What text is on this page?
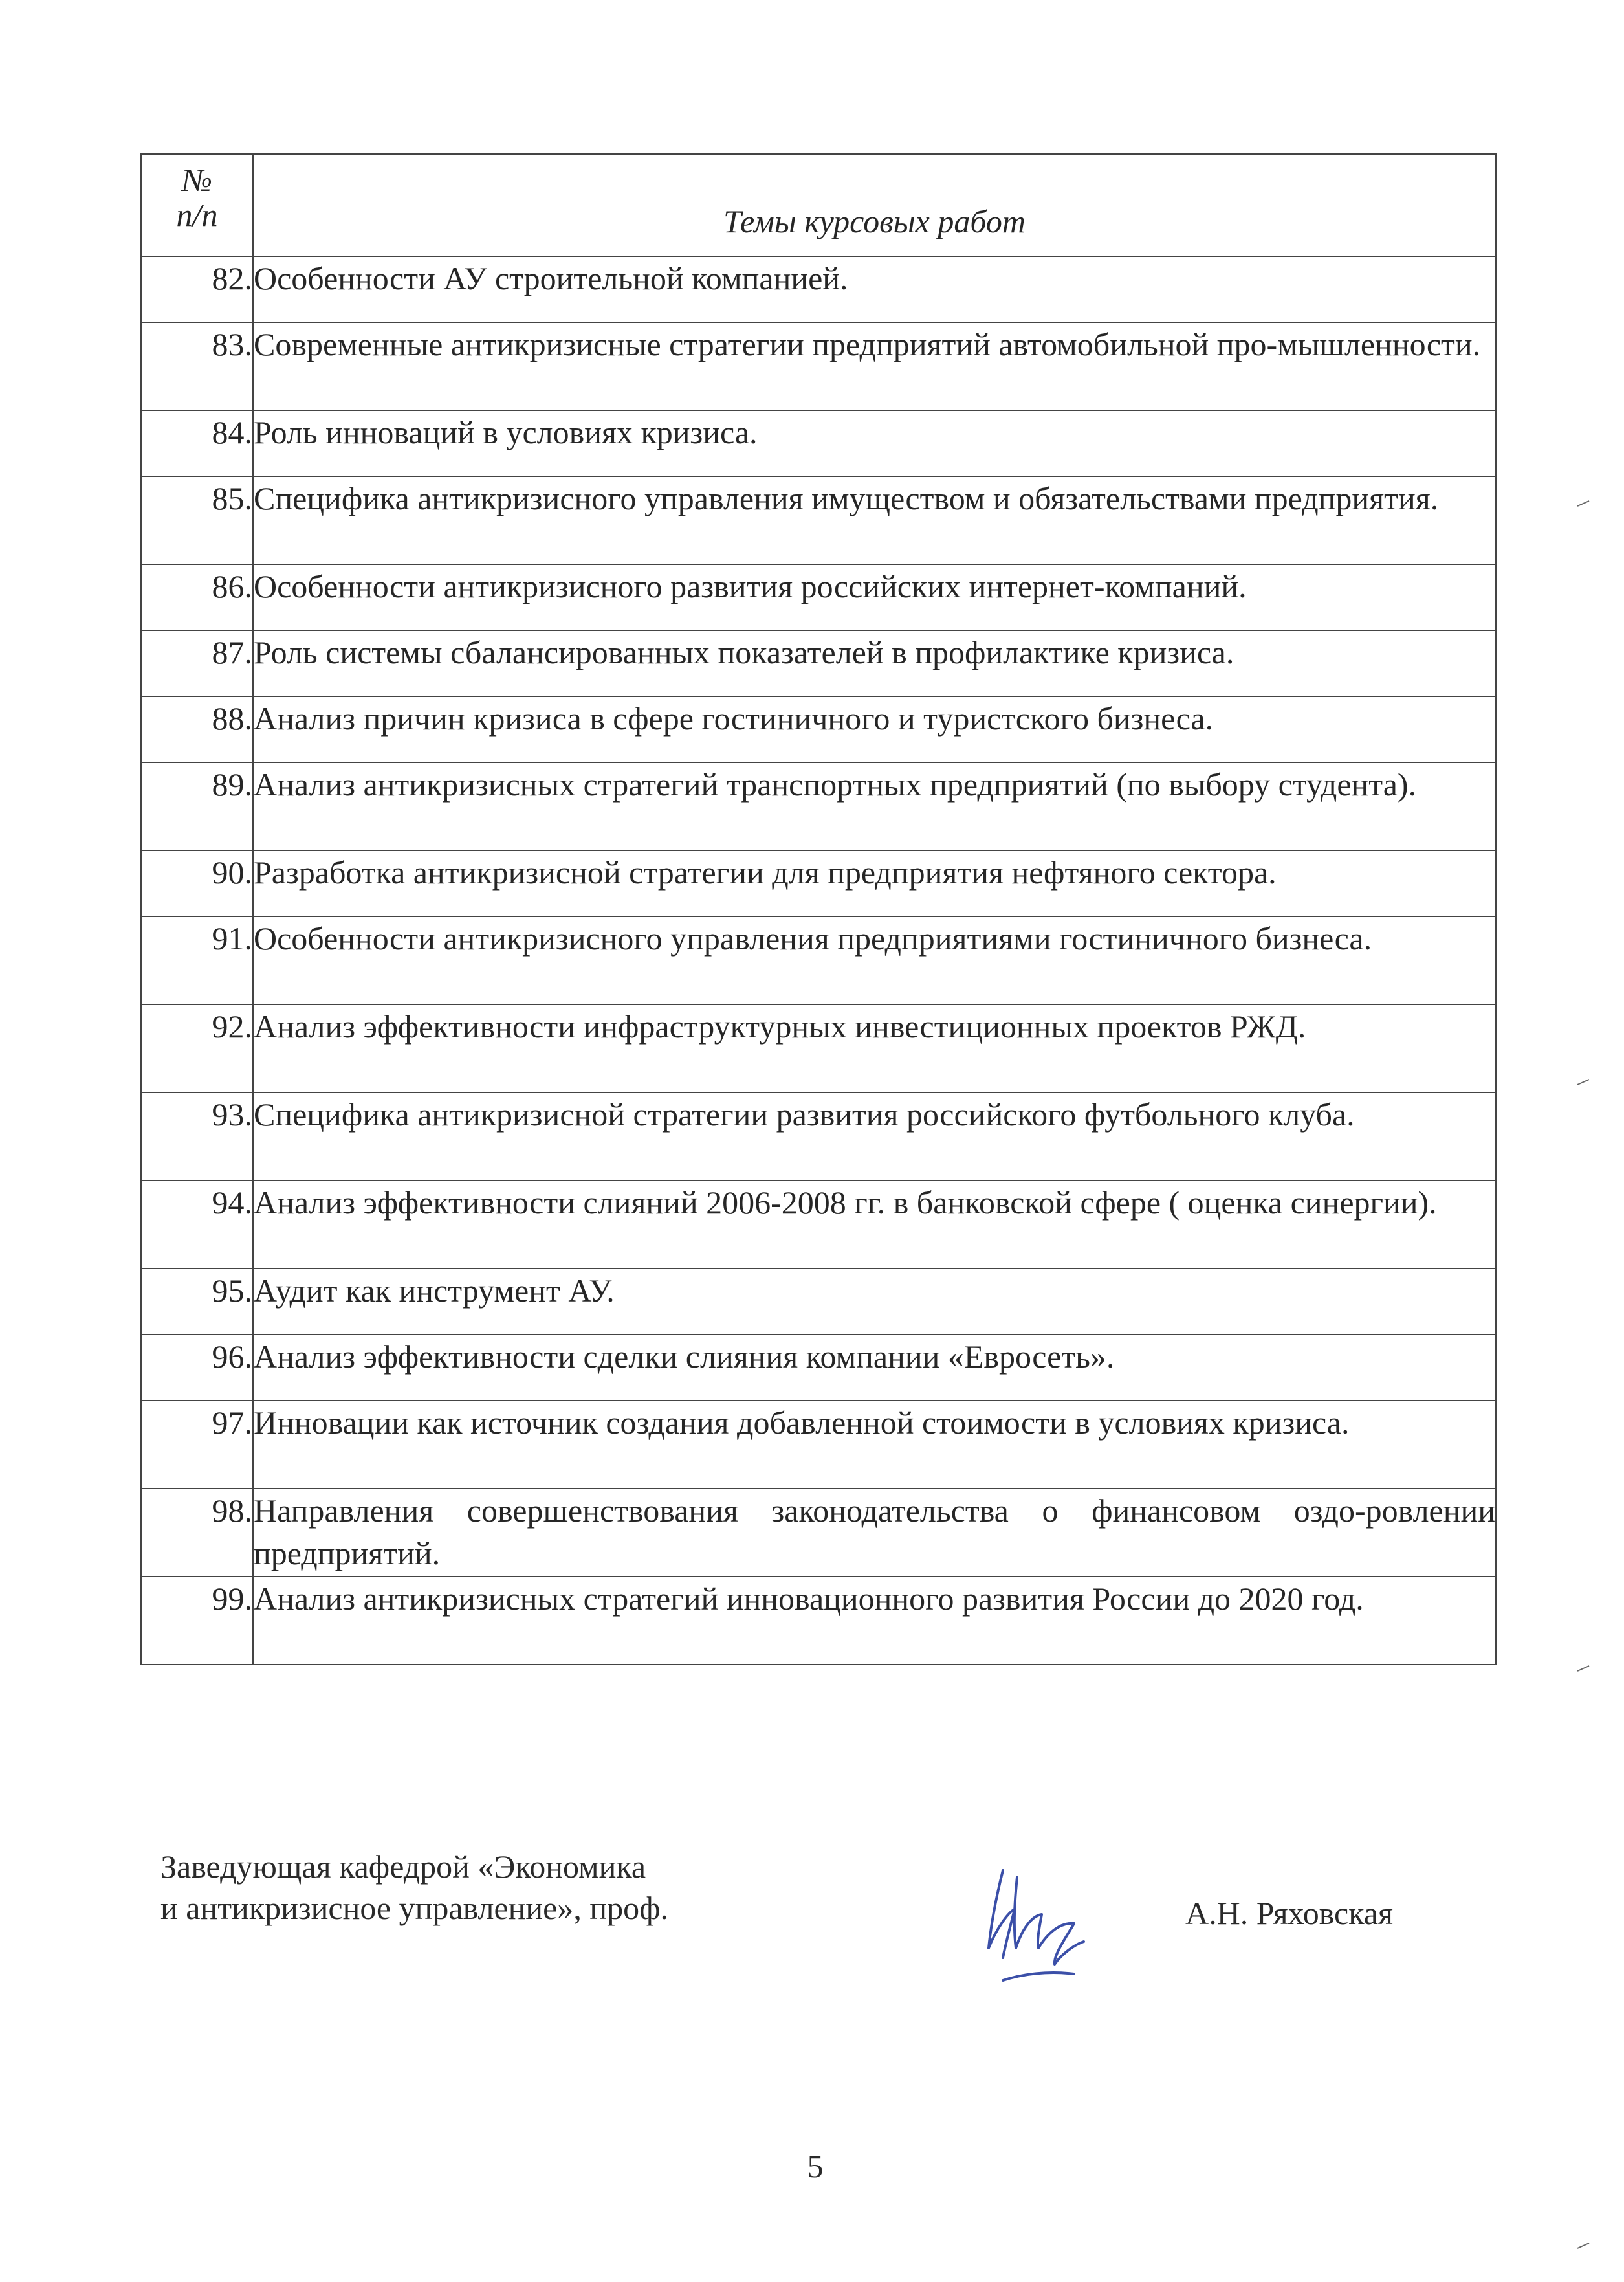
№
п/п	Темы курсовых работ

82.	Особенности АУ строительной компанией.
83.	Современные антикризисные стратегии предприятий автомобильной про-мышленности.
84.	Роль инноваций в условиях кризиса.
85.	Специфика антикризисного управления имуществом и обязательствами предприятия.
86.	Особенности антикризисного развития российских интернет-компаний.
87.	Роль системы сбалансированных показателей в профилактике кризиса.
88.	Анализ причин кризиса в сфере гостиничного и туристского бизнеса.
89.	Анализ антикризисных стратегий транспортных предприятий (по выбору студента).
90.	Разработка антикризисной стратегии для предприятия нефтяного сектора.
91.	Особенности антикризисного управления предприятиями гостиничного бизнеса.
92.	Анализ эффективности инфраструктурных инвестиционных проектов РЖД.
93.	Специфика антикризисной стратегии развития российского футбольного клуба.
94.	Анализ эффективности слияний 2006-2008 гг. в банковской сфере ( оценка синергии).
95.	Аудит как инструмент АУ.
96.	Анализ эффективности сделки слияния компании «Евросеть».
97.	Инновации как источник создания добавленной стоимости в условиях кризиса.
98.	Направления совершенствования законодательства о финансовом оздо-ровлении предприятий.
99.	Анализ антикризисных стратегий инновационного развития России до 2020 год.
Заведующая кафедрой «Экономика
и антикризисное управление», проф.	А.Н. Ряховская
5
